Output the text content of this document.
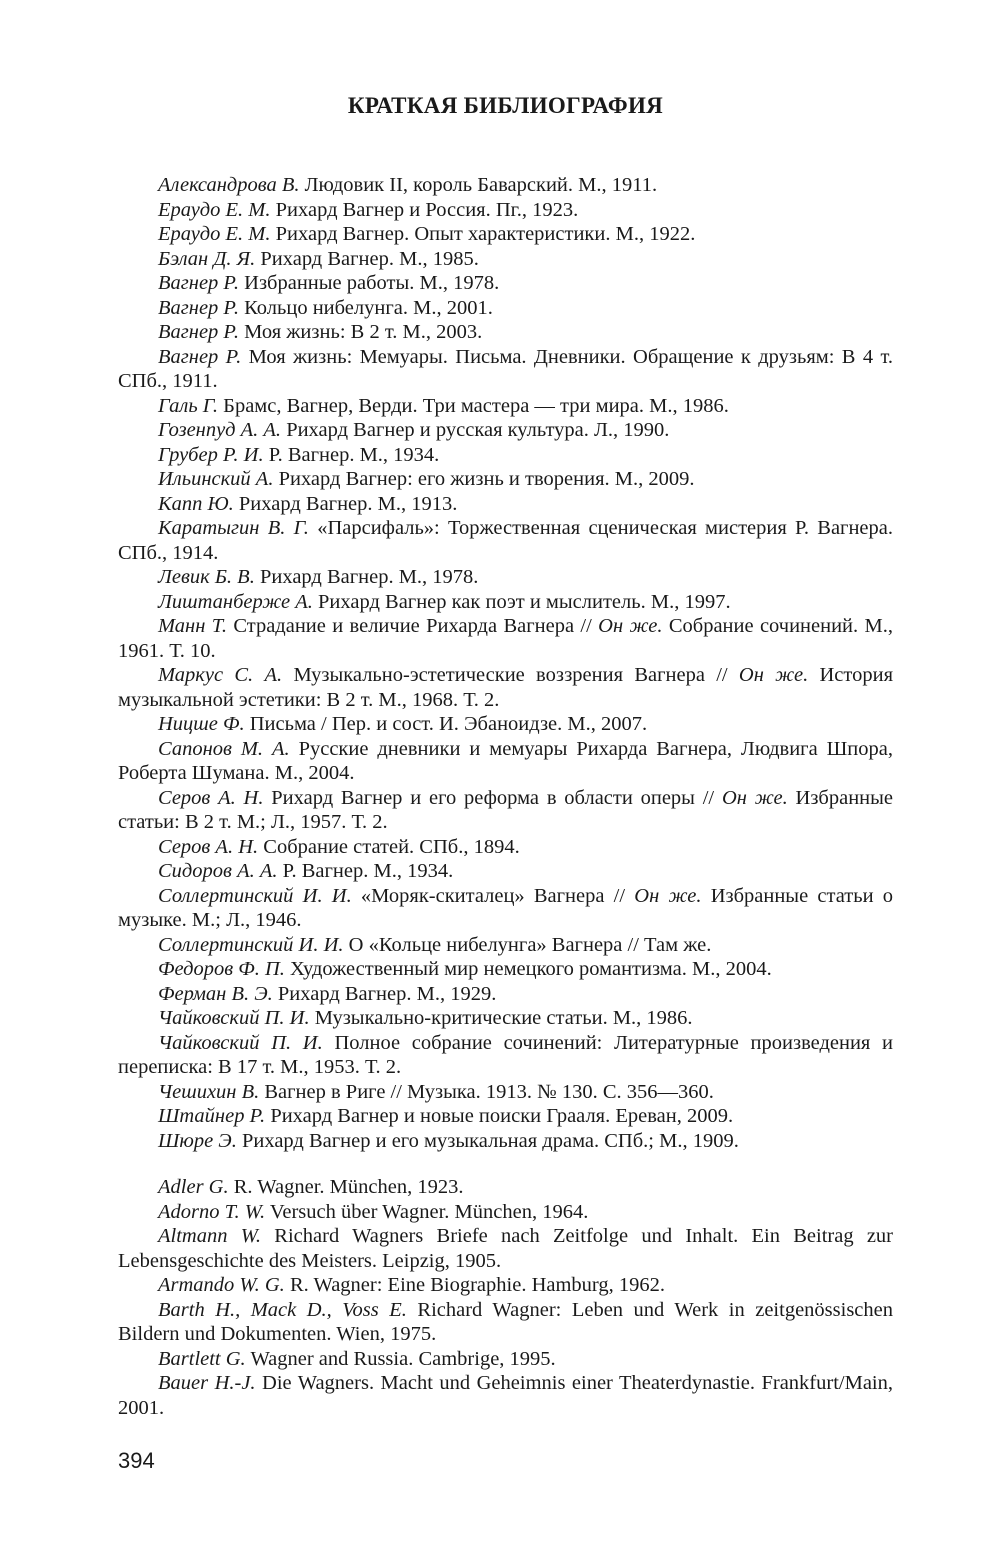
КРАТКАЯ БИБЛИОГРАФИЯ
Александрова В. Людовик II, король Баварский. М., 1911.
Ераудо Е. М. Рихард Вагнер и Россия. Пг., 1923.
Ераудо Е. М. Рихард Вагнер. Опыт характеристики. М., 1922.
Бэлан Д. Я. Рихард Вагнер. М., 1985.
Вагнер Р. Избранные работы. М., 1978.
Вагнер Р. Кольцо нибелунга. М., 2001.
Вагнер Р. Моя жизнь: В 2 т. М., 2003.
Вагнер Р. Моя жизнь: Мемуары. Письма. Дневники. Обращение к друзьям: В 4 т. СПб., 1911.
Галь Г. Брамс, Вагнер, Верди. Три мастера — три мира. М., 1986.
Гозенпуд А. А. Рихард Вагнер и русская культура. Л., 1990.
Грубер Р. И. Р. Вагнер. М., 1934.
Ильинский А. Рихард Вагнер: его жизнь и творения. М., 2009.
Капп Ю. Рихард Вагнер. М., 1913.
Каратыгин В. Г. «Парсифаль»: Торжественная сценическая мистерия Р. Вагнера. СПб., 1914.
Левик Б. В. Рихард Вагнер. М., 1978.
Лиштанберже А. Рихард Вагнер как поэт и мыслитель. М., 1997.
Манн Т. Страдание и величие Рихарда Вагнера // Он же. Собрание сочинений. М., 1961. Т. 10.
Маркус С. А. Музыкально-эстетические воззрения Вагнера // Он же. История музыкальной эстетики: В 2 т. М., 1968. Т. 2.
Ницше Ф. Письма / Пер. и сост. И. Эбаноидзе. М., 2007.
Сапонов М. А. Русские дневники и мемуары Рихарда Вагнера, Людвига Шпора, Роберта Шумана. М., 2004.
Серов А. Н. Рихард Вагнер и его реформа в области оперы // Он же. Избранные статьи: В 2 т. М.; Л., 1957. Т. 2.
Серов А. Н. Собрание статей. СПб., 1894.
Сидоров А. А. Р. Вагнер. М., 1934.
Соллертинский И. И. «Моряк-скиталец» Вагнера // Он же. Избранные статьи о музыке. М.; Л., 1946.
Соллертинский И. И. О «Кольце нибелунга» Вагнера // Там же.
Федоров Ф. П. Художественный мир немецкого романтизма. М., 2004.
Ферман В. Э. Рихард Вагнер. М., 1929.
Чайковский П. И. Музыкально-критические статьи. М., 1986.
Чайковский П. И. Полное собрание сочинений: Литературные произведения и переписка: В 17 т. М., 1953. Т. 2.
Чешихин В. Вагнер в Риге // Музыка. 1913. № 130. С. 356—360.
Штайнер Р. Рихард Вагнер и новые поиски Грааля. Ереван, 2009.
Шюре Э. Рихард Вагнер и его музыкальная драма. СПб.; М., 1909.
Adler G. R. Wagner. München, 1923.
Adorno T. W. Versuch über Wagner. München, 1964.
Altmann W. Richard Wagners Briefe nach Zeitfolge und Inhalt. Ein Beitrag zur Lebensgeschichte des Meisters. Leipzig, 1905.
Armando W. G. R. Wagner: Eine Biographie. Hamburg, 1962.
Barth H., Mack D., Voss E. Richard Wagner: Leben und Werk in zeitgenössischen Bildern und Dokumenten. Wien, 1975.
Bartlett G. Wagner and Russia. Cambrige, 1995.
Bauer H.-J. Die Wagners. Macht und Geheimnis einer Theaterdynastie. Frankfurt/Main, 2001.

394
